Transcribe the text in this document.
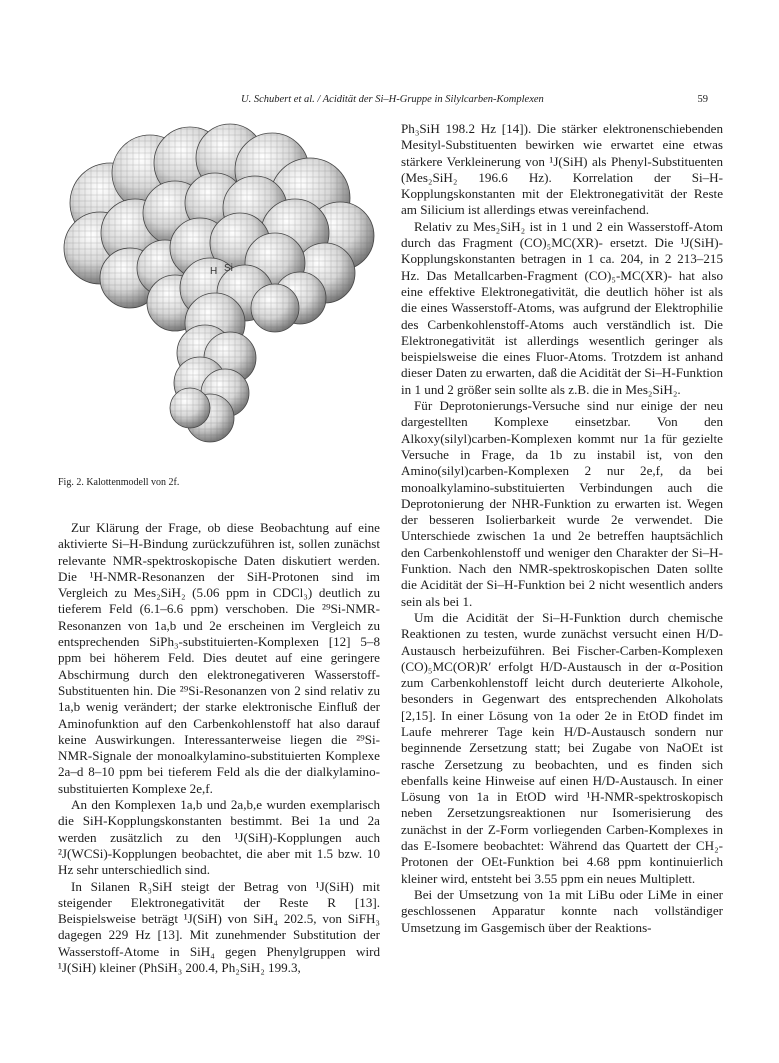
U. Schubert et al. / Acidität der Si–H-Gruppe in Silylcarben-Komplexen	59
H Si
Fig. 2. Kalottenmodell von 2f.

Zur Klärung der Frage, ob diese Beobachtung auf eine aktivierte Si–H-Bindung zurückzuführen ist, sollen zunächst relevante NMR-spektroskopische Daten diskutiert werden. Die ¹H-NMR-Resonanzen der SiH-Protonen sind im Vergleich zu Mes₂SiH₂ (5.06 ppm in CDCl₃) deutlich zu tieferem Feld (6.1–6.6 ppm) verschoben. Die ²⁹Si-NMR-Resonanzen von 1a,b und 2e erscheinen im Vergleich zu entsprechenden SiPh₃-substituierten-Komplexen [12] 5–8 ppm bei höherem Feld. Dies deutet auf eine geringere Abschirmung durch den elektronegativeren Wasserstoff-Substituenten hin. Die ²⁹Si-Resonanzen von 2 sind relativ zu 1a,b wenig verändert; der starke elektronische Einfluß der Aminofunktion auf den Carbenkohlenstoff hat also darauf keine Auswirkungen. Interessanterweise liegen die ²⁹Si-NMR-Signale der monoalkylamino-substituierten Komplexe 2a–d 8–10 ppm bei tieferem Feld als die der dialkylamino-substituierten Komplexe 2e,f.

An den Komplexen 1a,b und 2a,b,e wurden exemplarisch die SiH-Kopplungskonstanten bestimmt. Bei 1a und 2a werden zusätzlich zu den ¹J(SiH)-Kopplungen auch ²J(WCSi)-Kopplungen beobachtet, die aber mit 1.5 bzw. 10 Hz sehr unterschiedlich sind.

In Silanen R₃SiH steigt der Betrag von ¹J(SiH) mit steigender Elektronegativität der Reste R [13]. Beispielsweise beträgt ¹J(SiH) von SiH₄ 202.5, von SiFH₃ dagegen 229 Hz [13]. Mit zunehmender Substitution der Wasserstoff-Atome in SiH₄ gegen Phenylgruppen wird ¹J(SiH) kleiner (PhSiH₃ 200.4, Ph₂SiH₂ 199.3,

Ph₃SiH 198.2 Hz [14]). Die stärker elektronenschiebenden Mesityl-Substituenten bewirken wie erwartet eine etwas stärkere Verkleinerung von ¹J(SiH) als Phenyl-Substituenten (Mes₂SiH₂ 196.6 Hz). Korrelation der Si–H-Kopplungskonstanten mit der Elektronegativität der Reste am Silicium ist allerdings etwas vereinfachend.

Relativ zu Mes₂SiH₂ ist in 1 und 2 ein Wasserstoff-Atom durch das Fragment (CO)₅MC(XR)- ersetzt. Die ¹J(SiH)-Kopplungskonstanten betragen in 1 ca. 204, in 2 213–215 Hz. Das Metallcarben-Fragment (CO)₅-MC(XR)- hat also eine effektive Elektronegativität, die deutlich höher ist als die eines Wasserstoff-Atoms, was aufgrund der Elektrophilie des Carbenkohlenstoff-Atoms auch verständlich ist. Die Elektronegativität ist allerdings wesentlich geringer als beispielsweise die eines Fluor-Atoms. Trotzdem ist anhand dieser Daten zu erwarten, daß die Acidität der Si–H-Funktion in 1 und 2 größer sein sollte als z.B. die in Mes₂SiH₂.

Für Deprotonierungs-Versuche sind nur einige der neu dargestellten Komplexe einsetzbar. Von den Alkoxy(silyl)carben-Komplexen kommt nur 1a für gezielte Versuche in Frage, da 1b zu instabil ist, von den Amino(silyl)carben-Komplexen 2 nur 2e,f, da bei monoalkylamino-substituierten Verbindungen auch die Deprotonierung der NHR-Funktion zu erwarten ist. Wegen der besseren Isolierbarkeit wurde 2e verwendet. Die Unterschiede zwischen 1a und 2e betreffen hauptsächlich den Carbenkohlenstoff und weniger den Charakter der Si–H-Funktion. Nach den NMR-spektroskopischen Daten sollte die Acidität der Si–H-Funktion bei 2 nicht wesentlich anders sein als bei 1.

Um die Acidität der Si–H-Funktion durch chemische Reaktionen zu testen, wurde zunächst versucht einen H/D-Austausch herbeizuführen. Bei Fischer-Carben-Komplexen (CO)₅MC(OR)R′ erfolgt H/D-Austausch in der α-Position zum Carbenkohlenstoff leicht durch deuterierte Alkohole, besonders in Gegenwart des entsprechenden Alkoholats [2,15]. In einer Lösung von 1a oder 2e in EtOD findet im Laufe mehrerer Tage kein H/D-Austausch sondern nur beginnende Zersetzung statt; bei Zugabe von NaOEt ist rasche Zersetzung zu beobachten, und es finden sich ebenfalls keine Hinweise auf einen H/D-Austausch. In einer Lösung von 1a in EtOD wird ¹H-NMR-spektroskopisch neben Zersetzungsreaktionen nur Isomerisierung des zunächst in der Z-Form vorliegenden Carben-Komplexes in das E-Isomere beobachtet: Während das Quartett der CH₂-Protonen der OEt-Funktion bei 4.68 ppm kontinuierlich kleiner wird, entsteht bei 3.55 ppm ein neues Multiplett.

Bei der Umsetzung von 1a mit LiBu oder LiMe in einer geschlossenen Apparatur konnte nach vollständiger Umsetzung im Gasgemisch über der Reaktions-
